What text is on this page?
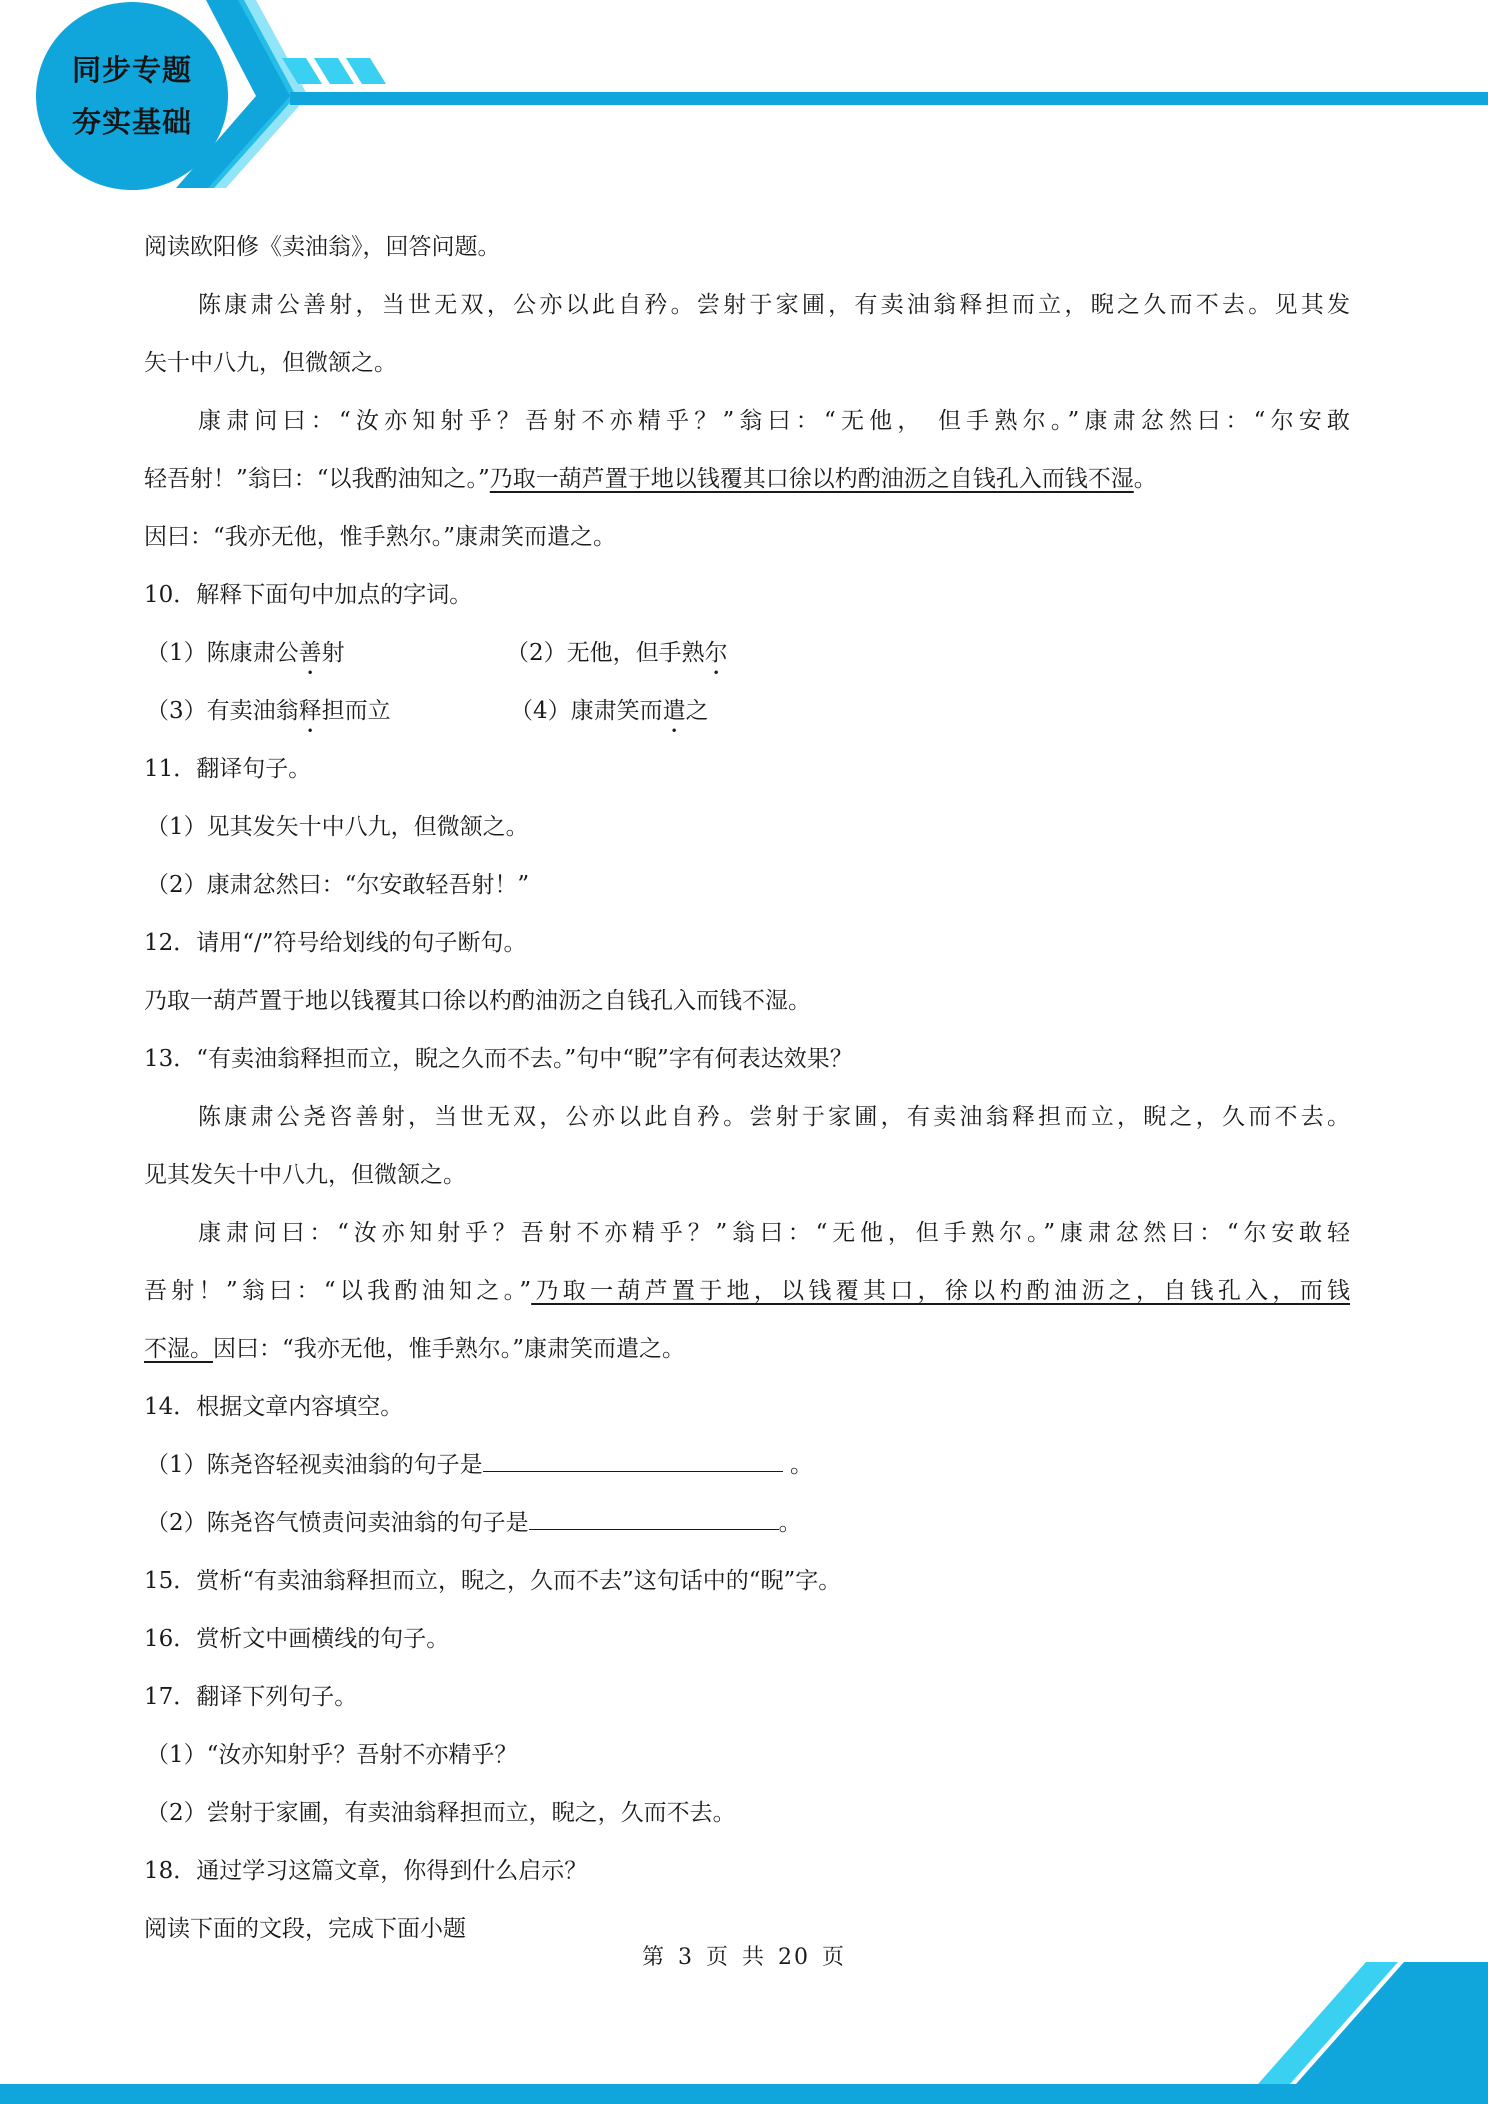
同步专题
夯实基础
阅读欧阳修《卖油翁》，回答问题。
陈康肃公善射，当世无双，公亦以此自矜。尝射于家圃，有卖油翁释担而立，睨之久而不去。见其发
矢十中八九，但微颔之。
康肃问曰：“汝亦知射乎？吾射不亦精乎？”翁曰：“无他， 但手熟尔。”康肃忿然曰：“尔安敢
轻吾射！”翁曰：“以我酌油知之。”乃取一葫芦置于地以钱覆其口徐以杓酌油沥之自钱孔入而钱不湿。
因曰：“我亦无他，惟手熟尔。”康肃笑而遣之。
10．解释下面句中加点的字词。
（1）陈康肃公善射	（2）无他，但手熟尔
（3）有卖油翁释担而立	（4）康肃笑而遣之
11．翻译句子。
（1）见其发矢十中八九，但微颔之。
（2）康肃忿然曰：“尔安敢轻吾射！”
12．请用“/”符号给划线的句子断句。
乃取一葫芦置于地以钱覆其口徐以杓酌油沥之自钱孔入而钱不湿。
13．“有卖油翁释担而立，睨之久而不去。”句中“睨”字有何表达效果？
陈康肃公尧咨善射，当世无双，公亦以此自矜。尝射于家圃，有卖油翁释担而立，睨之，久而不去。
见其发矢十中八九，但微颔之。
康肃问曰：“汝亦知射乎？吾射不亦精乎？”翁曰：“无他，但手熟尔。”康肃忿然曰：“尔安敢轻
吾射！”翁曰：“以我酌油知之。”乃取一葫芦置于地，以钱覆其口，徐以杓酌油沥之，自钱孔入，而钱
不湿。因曰：“我亦无他，惟手熟尔。”康肃笑而遣之。
14．根据文章内容填空。
（1）陈尧咨轻视卖油翁的句子是	。
（2）陈尧咨气愤责问卖油翁的句子是	。
15．赏析“有卖油翁释担而立，睨之，久而不去”这句话中的“睨”字。
16．赏析文中画横线的句子。
17．翻译下列句子。
（1）“汝亦知射乎？吾射不亦精乎？
（2）尝射于家圃，有卖油翁释担而立，睨之，久而不去。
18．通过学习这篇文章，你得到什么启示？
阅读下面的文段，完成下面小题
第 3 页 共 20 页
